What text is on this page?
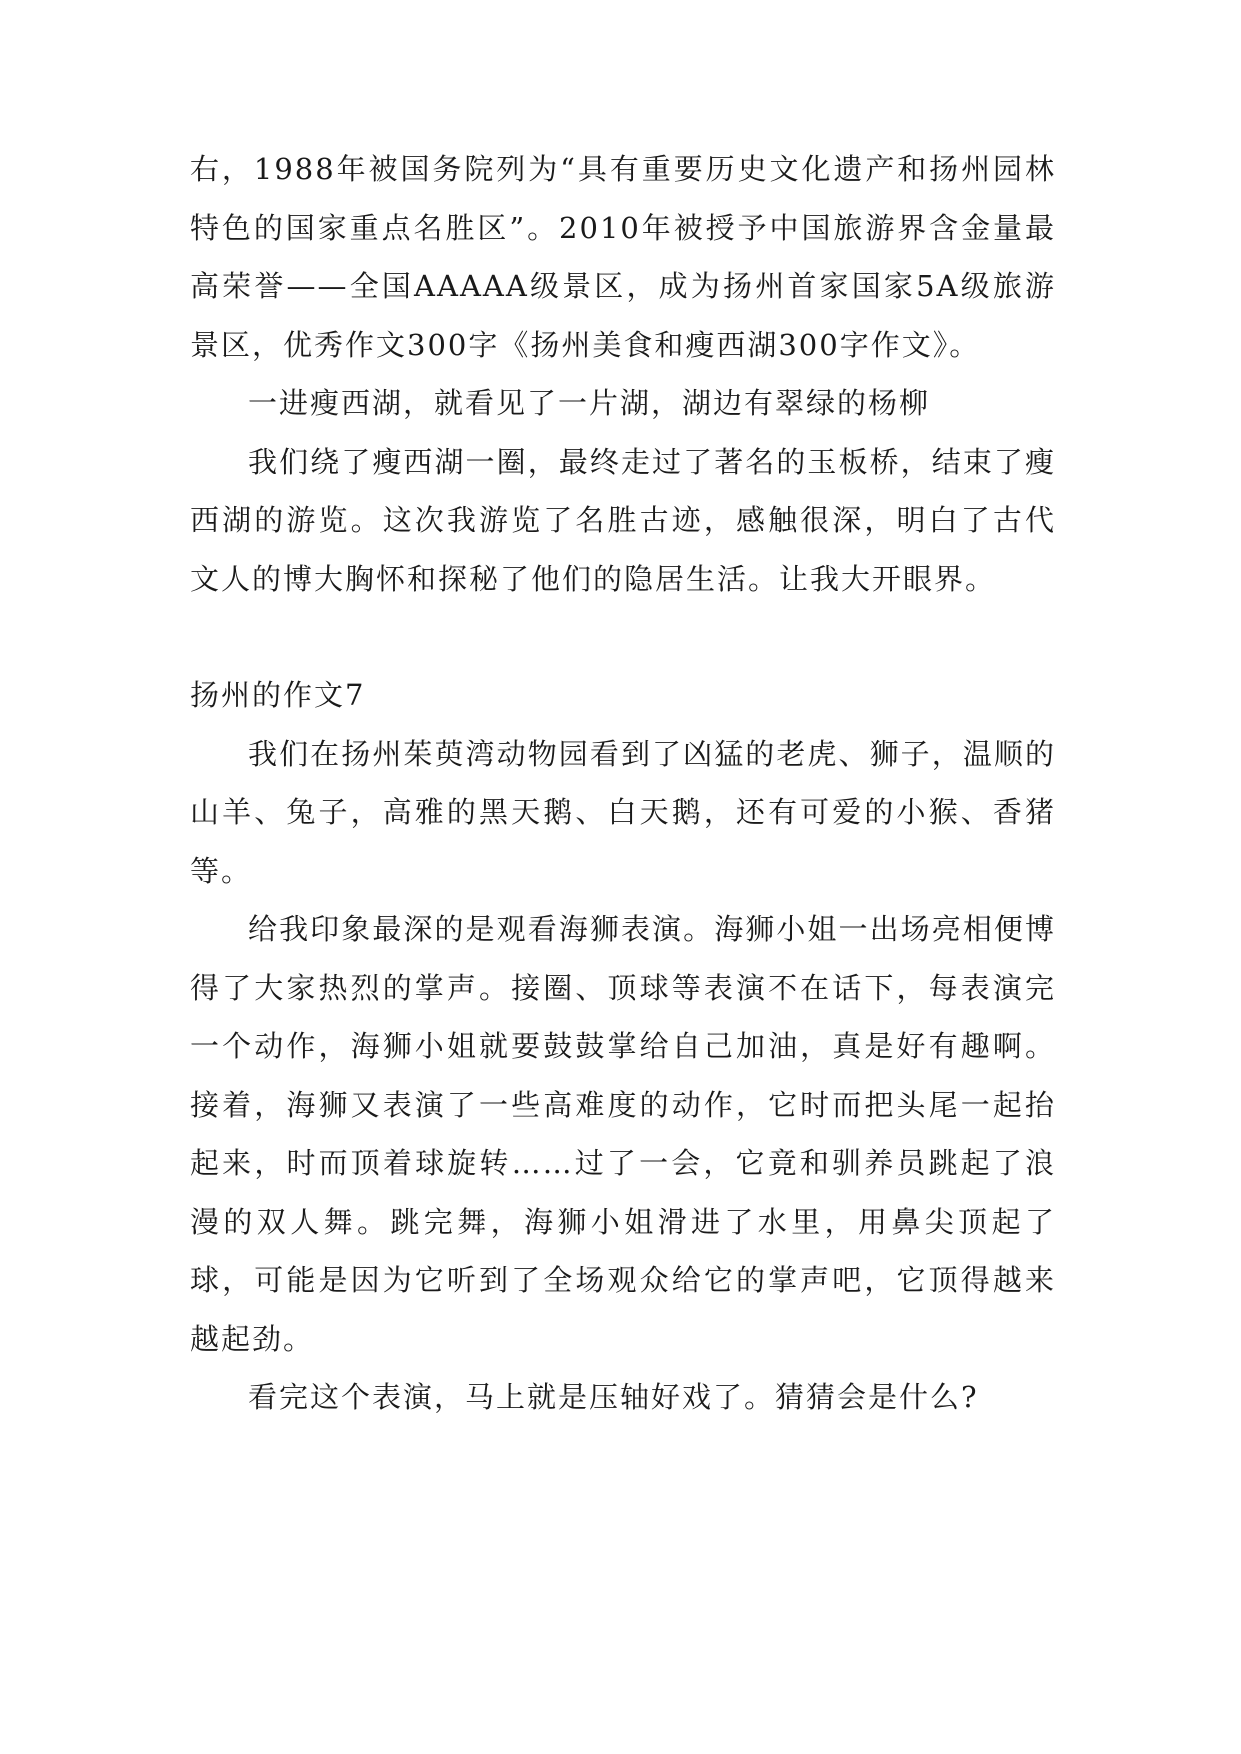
右，1988年被国务院列为“具有重要历史文化遗产和扬州园林特色的国家重点名胜区”。2010年被授予中国旅游界含金量最高荣誉——全国AAAAA级景区，成为扬州首家国家5A级旅游景区，优秀作文300字《扬州美食和瘦西湖300字作文》。

一进瘦西湖，就看见了一片湖，湖边有翠绿的杨柳

我们绕了瘦西湖一圈，最终走过了著名的玉板桥，结束了瘦西湖的游览。这次我游览了名胜古迹，感触很深，明白了古代文人的博大胸怀和探秘了他们的隐居生活。让我大开眼界。

扬州的作文7

我们在扬州茱萸湾动物园看到了凶猛的老虎、狮子，温顺的山羊、兔子，高雅的黑天鹅、白天鹅，还有可爱的小猴、香猪等。

给我印象最深的是观看海狮表演。海狮小姐一出场亮相便博得了大家热烈的掌声。接圈、顶球等表演不在话下，每表演完一个动作，海狮小姐就要鼓鼓掌给自己加油，真是好有趣啊。接着，海狮又表演了一些高难度的动作，它时而把头尾一起抬起来，时而顶着球旋转……过了一会，它竟和驯养员跳起了浪漫的双人舞。跳完舞，海狮小姐滑进了水里，用鼻尖顶起了球，可能是因为它听到了全场观众给它的掌声吧，它顶得越来越起劲。

看完这个表演，马上就是压轴好戏了。猜猜会是什么?
